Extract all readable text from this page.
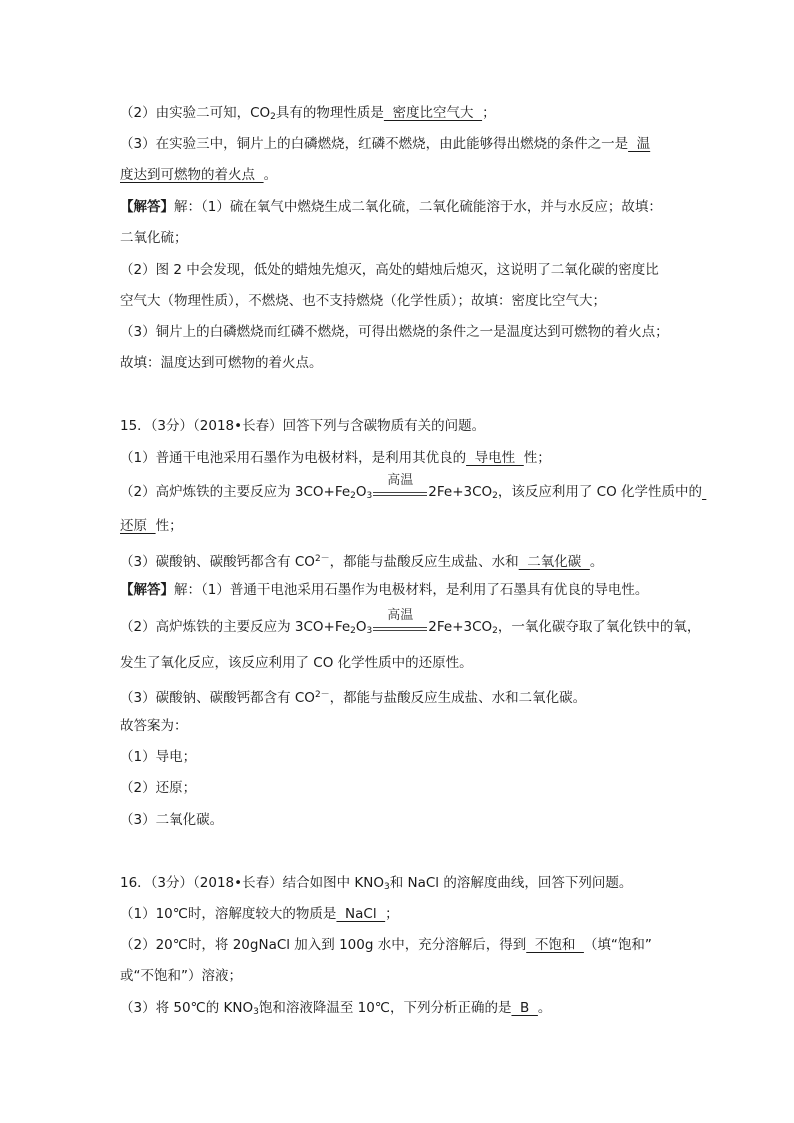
（2）由实验二可知，$CO_2$具有的物理性质是  密度比空气大  ；
（3）在实验三中，铜片上的白磷燃烧，红磷不燃烧，由此能够得出燃烧的条件之一是  温
度达到可燃物的着火点  。
【解答】解：（1）硫在氧气中燃烧生成二氧化硫，二氧化硫能溶于水，并与水反应；故填：
二氧化硫；
（2）图 2 中会发现，低处的蜡烛先熄灭，高处的蜡烛后熄灭，这说明了二氧化碳的密度比
空气大（物理性质），不燃烧、也不支持燃烧（化学性质）；故填：密度比空气大；
（3）铜片上的白磷燃烧而红磷不燃烧，可得出燃烧的条件之一是温度达到可燃物的着火点；
故填：温度达到可燃物的着火点。
15．（3分）（2018•长春）回答下列与含碳物质有关的问题。
（1）普通干电池采用石墨作为电极材料，是利用其优良的  导电性  性；
（2）高炉炼铁的主要反应为 $3CO+Fe_2O_3$
高温
$2Fe+3CO_2$，该反应利用了 CO 化学性质中的
还原  性；
（3）碳酸钠、碳酸钙都含有 $CO^{2-}$，都能与盐酸反应生成盐、水和  二氧化碳  。
【解答】解：（1）普通干电池采用石墨作为电极材料，是利用了石墨具有优良的导电性。
（2）高炉炼铁的主要反应为 $3CO+Fe_2O_3$
高温
$2Fe+3CO_2$，一氧化碳夺取了氧化铁中的氧，
发生了氧化反应，该反应利用了 CO 化学性质中的还原性。
（3）碳酸钠、碳酸钙都含有 $CO^{2-}$，都能与盐酸反应生成盐、水和二氧化碳。
故答案为：
（1）导电；
（2）还原；
（3）二氧化碳。
16．（3分）（2018•长春）结合如图中 $KNO_3$和 NaCl 的溶解度曲线，回答下列问题。
（1）10℃时，溶解度较大的物质是  NaCl  ；
（2）20℃时，将 20gNaCl 加入到 100g 水中，充分溶解后，得到  不饱和  （填“饱和”
或“不饱和”）溶液；
（3）将 50℃的 $KNO_3$饱和溶液降温至 10℃，下列分析正确的是  B  。
